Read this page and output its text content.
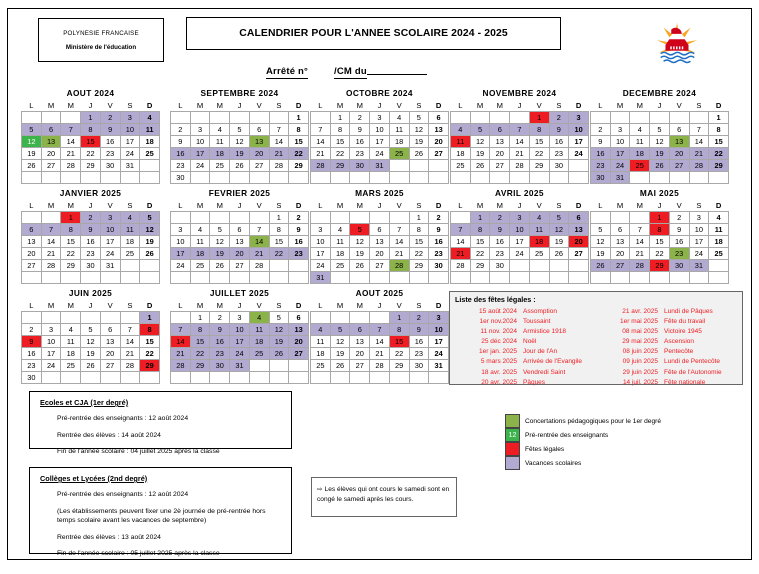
POLYNESIE FRANCAISE
Ministère de l'éducation
CALENDRIER POUR L'ANNEE SCOLAIRE 2024 - 2025
Arrêté n°	/CM du
AOUT 2024
L	M	M	J	V	S	D
			1	2	3	4
5	6	7	8	9	10	11
12	13	14	15	16	17	18
19	20	21	22	23	24	25
26	27	28	29	30	31	

SEPTEMBRE 2024
L	M	M	J	V	S	D
						1
2	3	4	5	6	7	8
9	10	11	12	13	14	15
16	17	18	19	20	21	22
23	24	25	26	27	28	29
30						
OCTOBRE 2024
L	M	M	J	V	S	D
	1	2	3	4	5	6
7	8	9	10	11	12	13
14	15	16	17	18	19	20
21	22	23	24	25	26	27
28	29	30	31			

NOVEMBRE 2024
L	M	M	J	V	S	D
				1	2	3
4	5	6	7	8	9	10
11	12	13	14	15	16	17
18	19	20	21	22	23	24
25	26	27	28	29	30	

DECEMBRE 2024
L	M	M	J	V	S	D
						1
2	3	4	5	6	7	8
9	10	11	12	13	14	15
16	17	18	19	20	21	22
23	24	25	26	27	28	29
30	31					
JANVIER 2025
L	M	M	J	V	S	D
		1	2	3	4	5
6	7	8	9	10	11	12
13	14	15	16	17	18	19
20	21	22	23	24	25	26
27	28	29	30	31		

FEVRIER 2025
L	M	M	J	V	S	D
					1	2
3	4	5	6	7	8	9
10	11	12	13	14	15	16
17	18	19	20	21	22	23
24	25	26	27	28		

MARS 2025
L	M	M	J	V	S	D
					1	2
3	4	5	6	7	8	9
10	11	12	13	14	15	16
17	18	19	20	21	22	23
24	25	26	27	28	29	30
31						
AVRIL 2025
L	M	M	J	V	S	D
	1	2	3	4	5	6
7	8	9	10	11	12	13
14	15	16	17	18	19	20
21	22	23	24	25	26	27
28	29	30				

MAI 2025
L	M	M	J	V	S	D
			1	2	3	4
5	6	7	8	9	10	11
12	13	14	15	16	17	18
19	20	21	22	23	24	25
26	27	28	29	30	31	

JUIN 2025
L	M	M	J	V	S	D
						1
2	3	4	5	6	7	8
9	10	11	12	13	14	15
16	17	18	19	20	21	22
23	24	25	26	27	28	29
30						
JUILLET 2025
L	M	M	J	V	S	D
	1	2	3	4	5	6
7	8	9	10	11	12	13
14	15	16	17	18	19	20
21	22	23	24	25	26	27
28	29	30	31			

AOUT 2025
L	M	M	J	V	S	D
				1	2	3
4	5	6	7	8	9	10
11	12	13	14	15	16	17
18	19	20	21	22	23	24
25	26	27	28	29	30	31

Liste des fêtes légales :
15 août 2024 Assomption
1er nov.2024 Toussaint
11 nov. 2024 Armistice 1918
25 déc 2024 Noël
1er jan. 2025 Jour de l'An
5 mars 2025 Arrivée de l'Evangile
18 avr. 2025 Vendredi Saint
20 avr. 2025 Pâques
21 avr. 2025 Lundi de Pâques
1er mai 2025 Fête du travail
08 mai 2025 Victoire 1945
29 mai 2025 Ascension
08 juin 2025 Pentecôte
09 juin 2025 Lundi de Pentecôte
29 juin 2025 Fête de l'Autonomie
14 juil. 2025 Fête nationale
Concertations pédagogiques pour le 1er degré
12	Pré-rentrée des enseignants
Fêtes légales
Vacances scolaires
Ecoles et CJA (1er degré)
Pré-rentrée des enseignants : 12 août 2024
Rentrée des élèves : 14 août 2024
Fin de l'année scolaire : 04 juillet 2025 après la classe
Collèges et Lycées (2nd degré)
Pré-rentrée des enseignants : 12 août 2024
(Les établissements peuvent fixer une 2è journée de pré-rentrée hors temps scolaire avant les vacances de septembre)
Rentrée des élèves : 13 août 2024
Fin de l'année scolaire : 05 juillet 2025 après la classe
⇨ Les élèves qui ont cours le samedi sont en congé le samedi après les cours.
